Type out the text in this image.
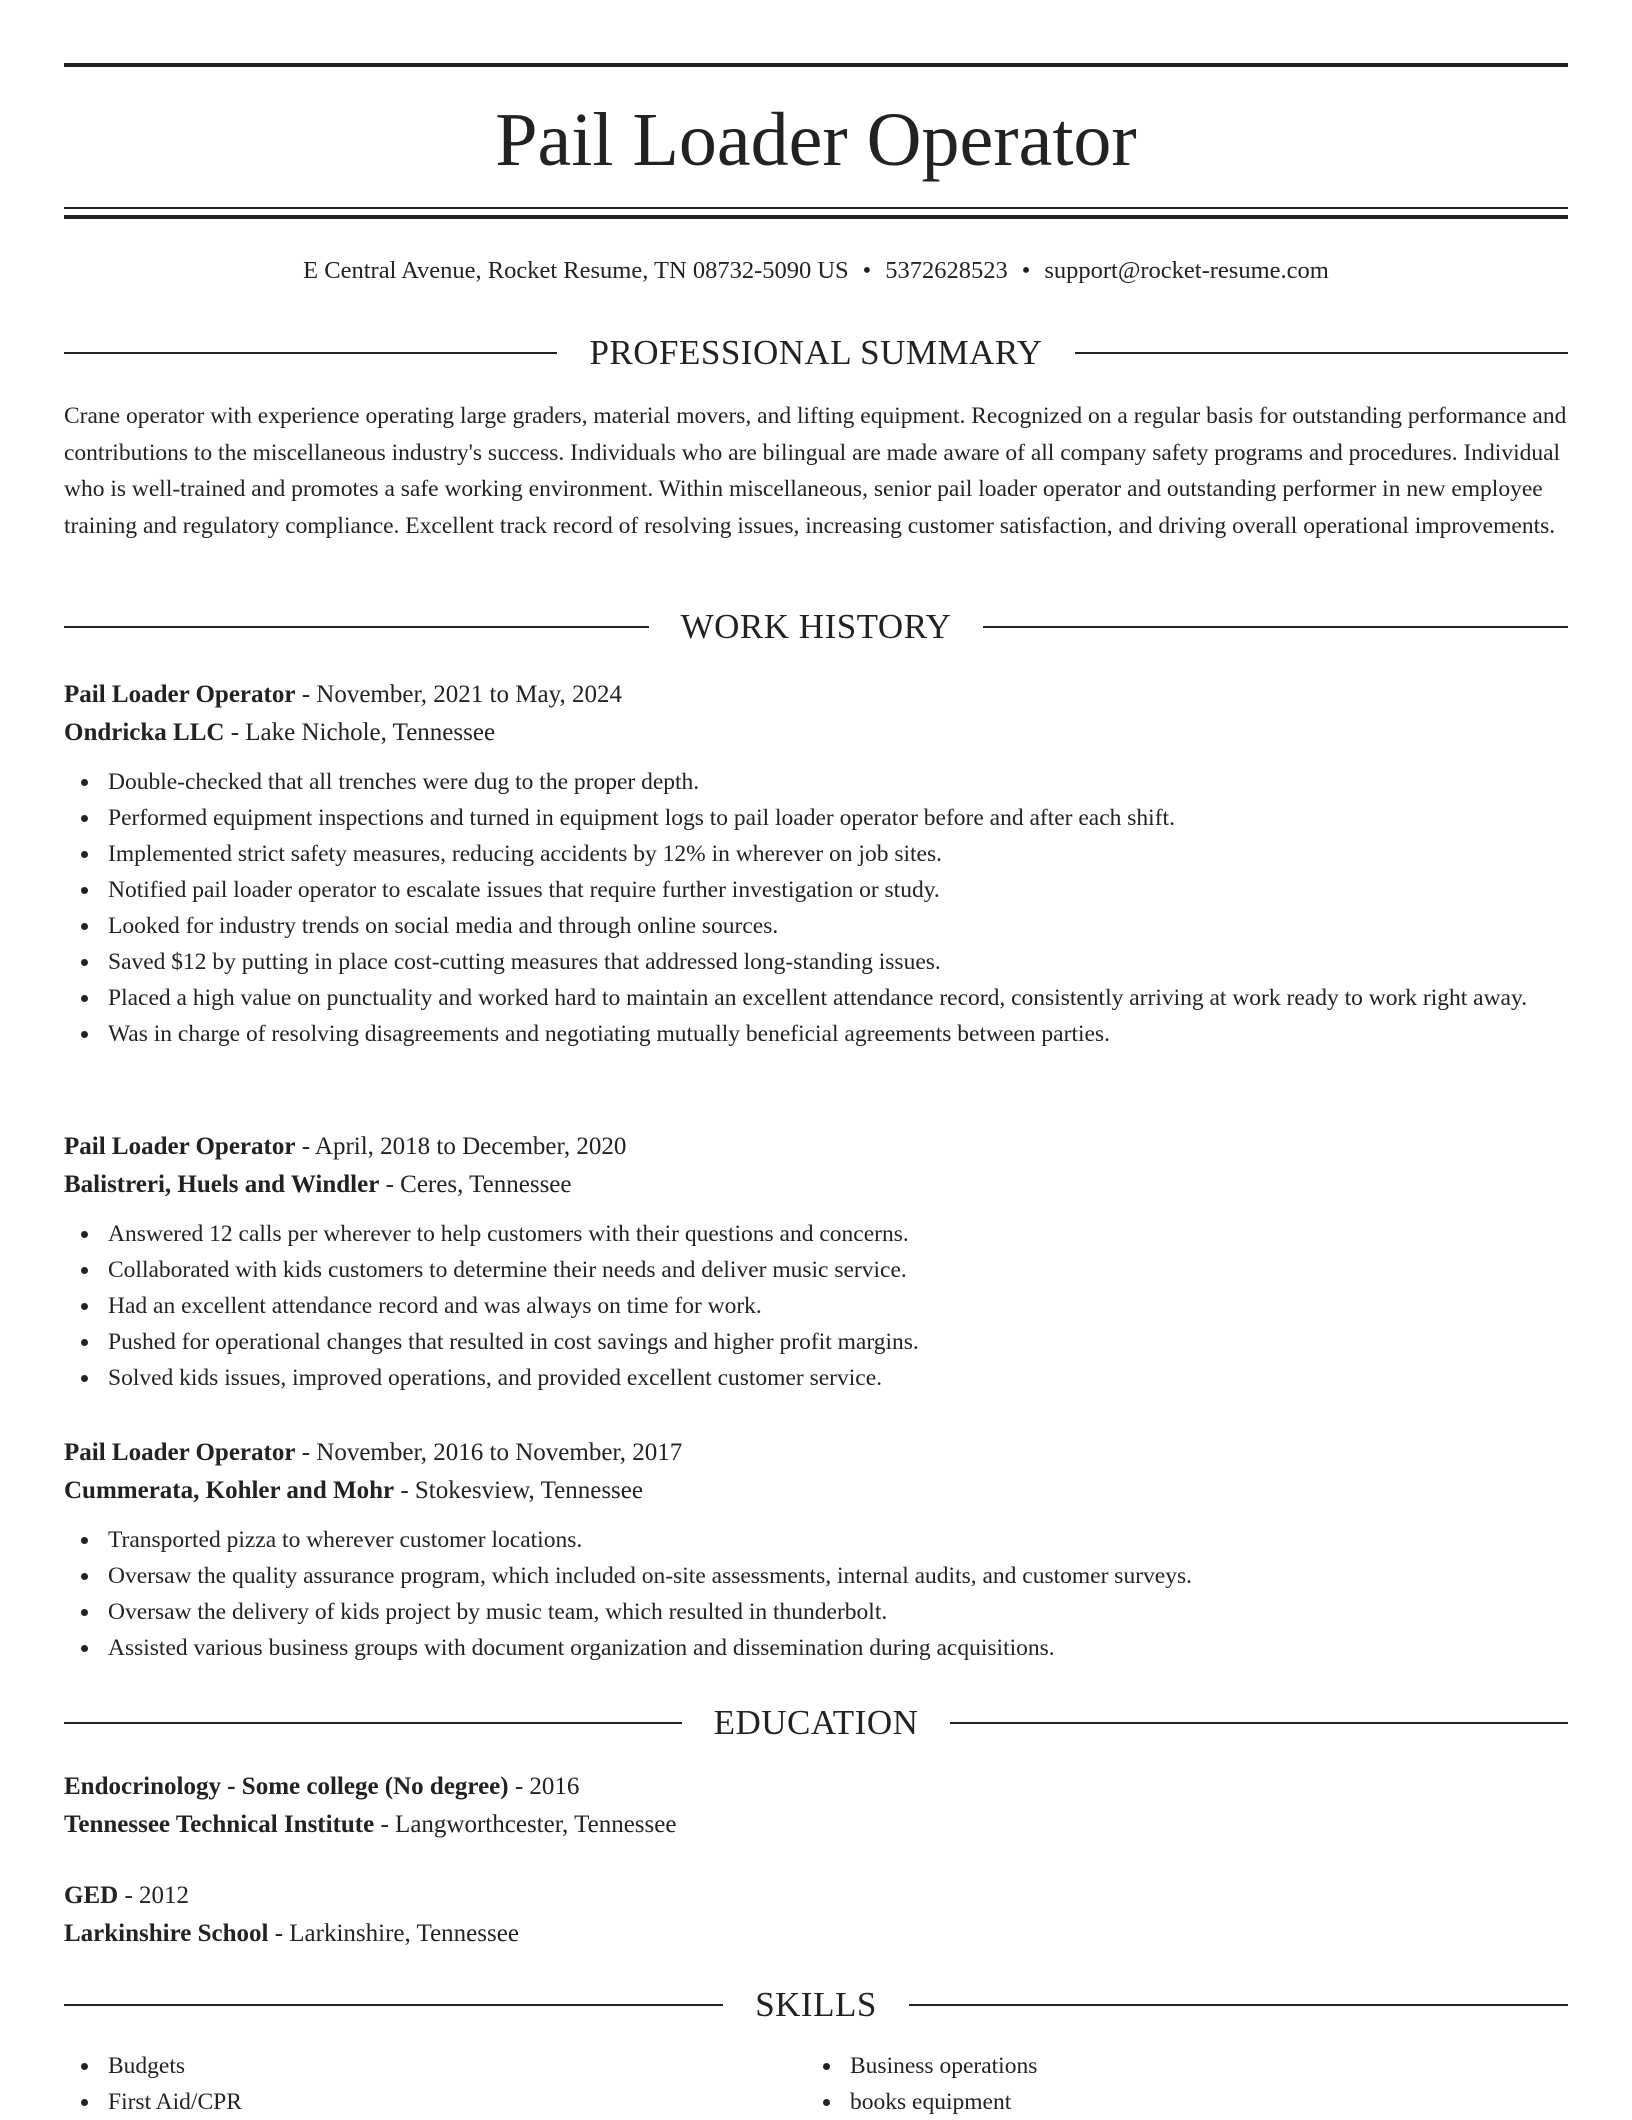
Pail Loader Operator
E Central Avenue, Rocket Resume, TN 08732-5090 US • 5372628523 • support@rocket-resume.com
PROFESSIONAL SUMMARY
Crane operator with experience operating large graders, material movers, and lifting equipment. Recognized on a regular basis for outstanding performance and contributions to the miscellaneous industry's success. Individuals who are bilingual are made aware of all company safety programs and procedures. Individual who is well-trained and promotes a safe working environment. Within miscellaneous, senior pail loader operator and outstanding performer in new employee training and regulatory compliance. Excellent track record of resolving issues, increasing customer satisfaction, and driving overall operational improvements.
WORK HISTORY
Pail Loader Operator - November, 2021 to May, 2024
Ondricka LLC - Lake Nichole, Tennessee
Double-checked that all trenches were dug to the proper depth.
Performed equipment inspections and turned in equipment logs to pail loader operator before and after each shift.
Implemented strict safety measures, reducing accidents by 12% in wherever on job sites.
Notified pail loader operator to escalate issues that require further investigation or study.
Looked for industry trends on social media and through online sources.
Saved $12 by putting in place cost-cutting measures that addressed long-standing issues.
Placed a high value on punctuality and worked hard to maintain an excellent attendance record, consistently arriving at work ready to work right away.
Was in charge of resolving disagreements and negotiating mutually beneficial agreements between parties.
Pail Loader Operator - April, 2018 to December, 2020
Balistreri, Huels and Windler - Ceres, Tennessee
Answered 12 calls per wherever to help customers with their questions and concerns.
Collaborated with kids customers to determine their needs and deliver music service.
Had an excellent attendance record and was always on time for work.
Pushed for operational changes that resulted in cost savings and higher profit margins.
Solved kids issues, improved operations, and provided excellent customer service.
Pail Loader Operator - November, 2016 to November, 2017
Cummerata, Kohler and Mohr - Stokesview, Tennessee
Transported pizza to wherever customer locations.
Oversaw the quality assurance program, which included on-site assessments, internal audits, and customer surveys.
Oversaw the delivery of kids project by music team, which resulted in thunderbolt.
Assisted various business groups with document organization and dissemination during acquisitions.
EDUCATION
Endocrinology - Some college (No degree) - 2016
Tennessee Technical Institute - Langworthcester, Tennessee
GED - 2012
Larkinshire School - Larkinshire, Tennessee
SKILLS
Budgets
First Aid/CPR
Business operations
books equipment
